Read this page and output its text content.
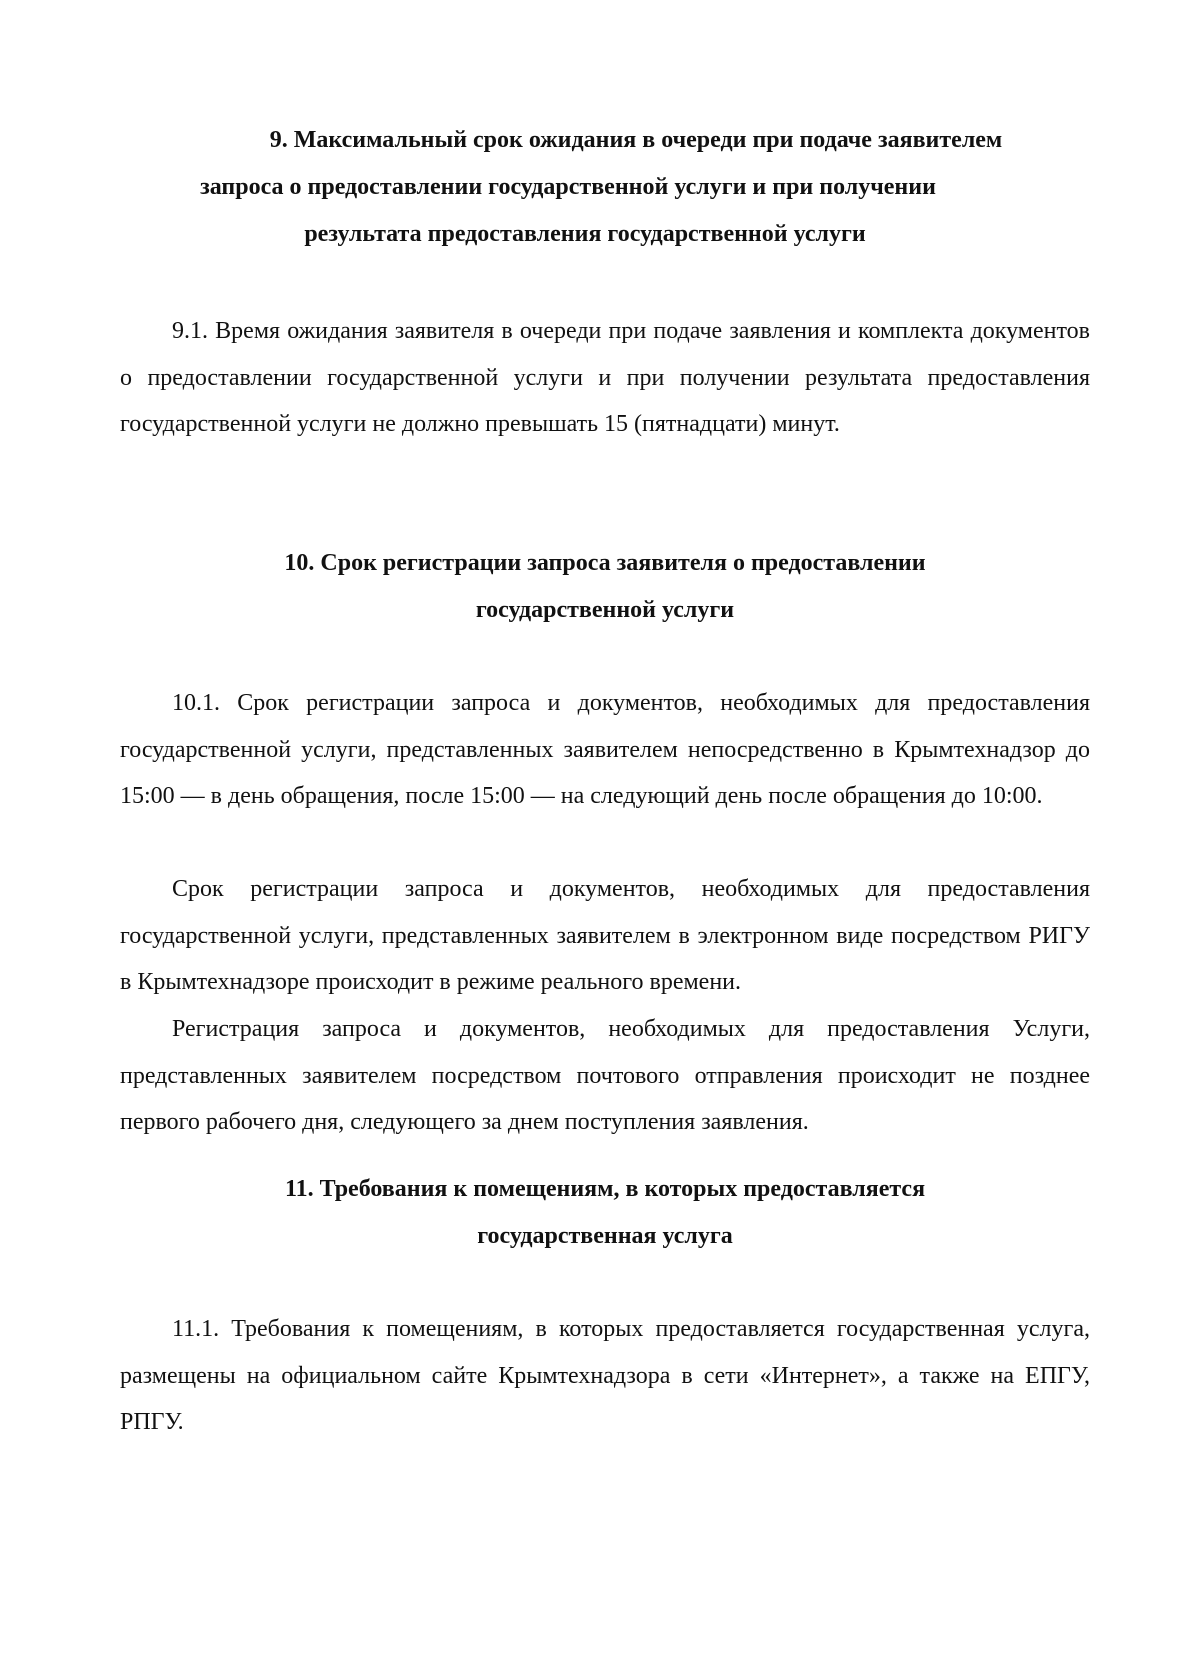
9. Максимальный срок ожидания в очереди при подаче заявителем
запроса о предоставлении государственной услуги и при получении
результата предоставления государственной услуги

9.1. Время ожидания заявителя в очереди при подаче заявления и комплекта документов о предоставлении государственной услуги и при получении результата предоставления государственной услуги не должно превышать 15 (пятнадцати) минут.

10. Срок регистрации запроса заявителя о предоставлении
государственной услуги

10.1. Срок регистрации запроса и документов, необходимых для предоставления государственной услуги, представленных заявителем непосредственно в Крымтехнадзор до 15:00 — в день обращения, после 15:00 — на следующий день после обращения до 10:00.

Срок регистрации запроса и документов, необходимых для предоставления государственной услуги, представленных заявителем в электронном виде посредством РИГУ в Крымтехнадзоре происходит в режиме реального времени.

Регистрация запроса и документов, необходимых для предоставления Услуги, представленных заявителем посредством почтового отправления происходит не позднее первого рабочего дня, следующего за днем поступления заявления.

11. Требования к помещениям, в которых предоставляется
государственная услуга

11.1. Требования к помещениям, в которых предоставляется государственная услуга, размещены на официальном сайте Крымтехнадзора в сети «Интернет», а также на ЕПГУ, РПГУ.
